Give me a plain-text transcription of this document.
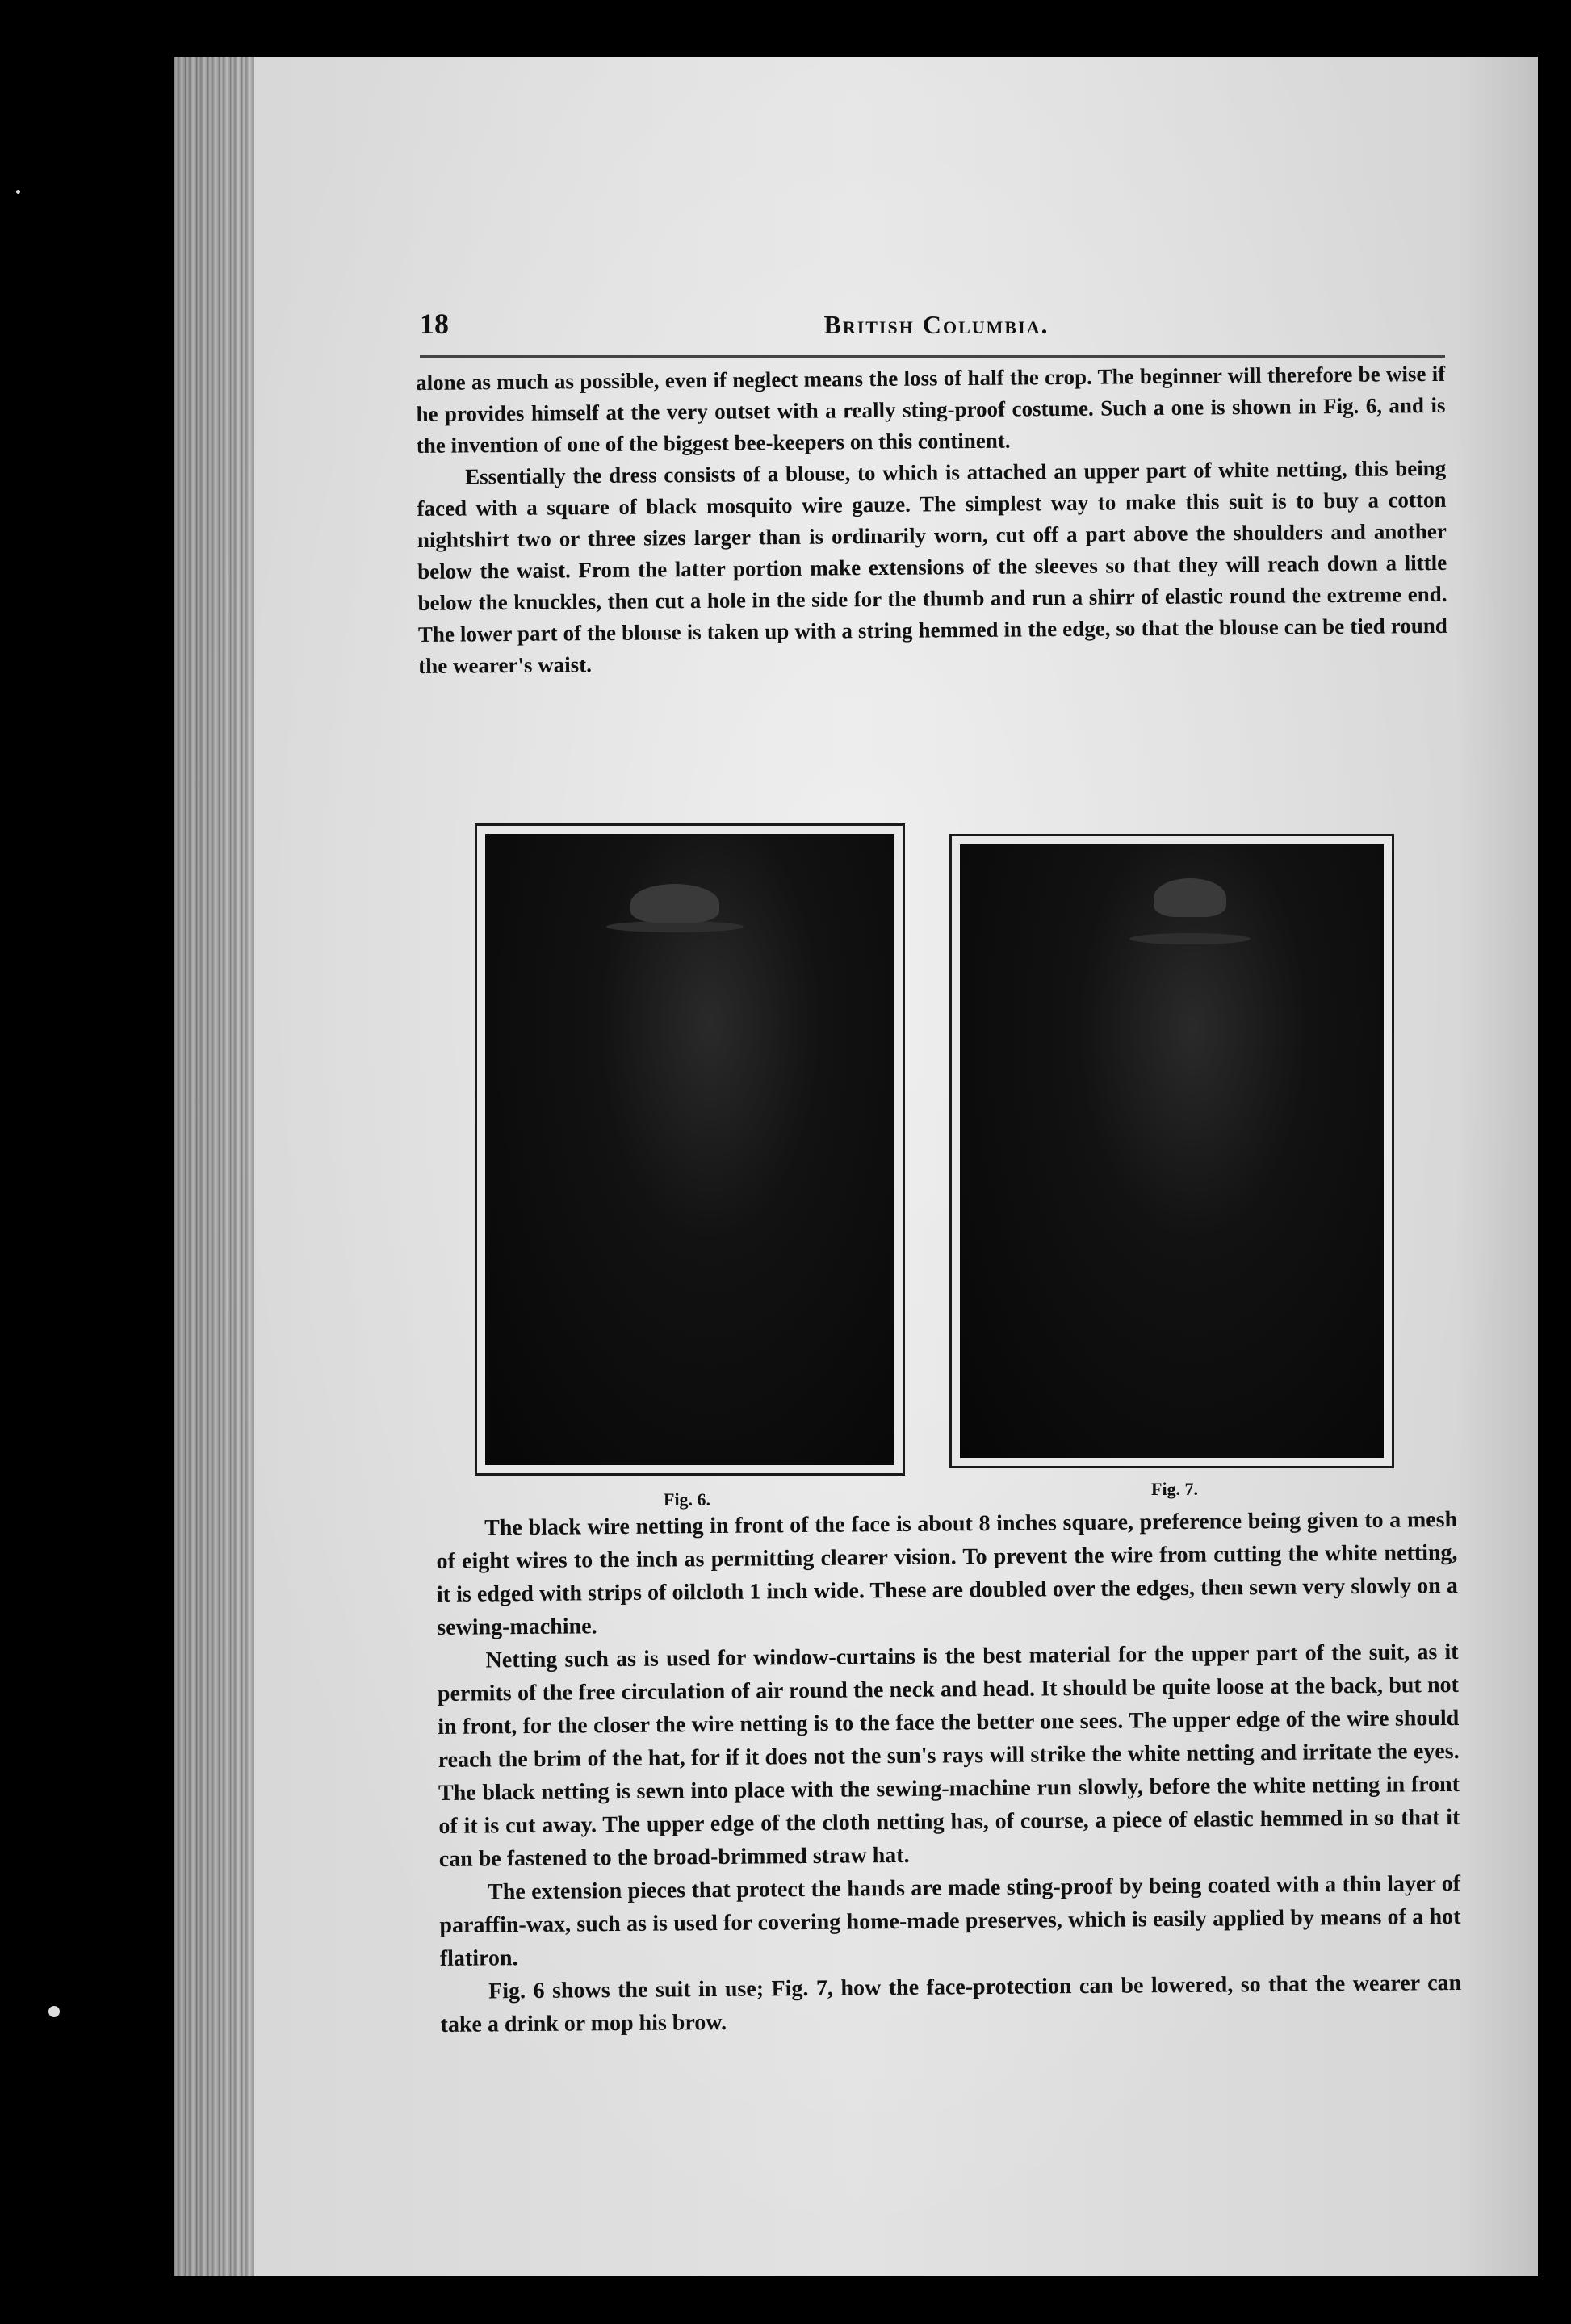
18	British Columbia.

alone as much as possible, even if neglect means the loss of half the crop. The beginner will therefore be wise if he provides himself at the very outset with a really sting-proof costume. Such a one is shown in Fig. 6, and is the invention of one of the biggest bee-keepers on this continent.

Essentially the dress consists of a blouse, to which is attached an upper part of white netting, this being faced with a square of black mosquito wire gauze. The simplest way to make this suit is to buy a cotton nightshirt two or three sizes larger than is ordinarily worn, cut off a part above the shoulders and another below the waist. From the latter portion make extensions of the sleeves so that they will reach down a little below the knuckles, then cut a hole in the side for the thumb and run a shirr of elastic round the extreme end. The lower part of the blouse is taken up with a string hemmed in the edge, so that the blouse can be tied round the wearer's waist.

Fig. 6.
Fig. 7.

The black wire netting in front of the face is about 8 inches square, preference being given to a mesh of eight wires to the inch as permitting clearer vision. To prevent the wire from cutting the white netting, it is edged with strips of oilcloth 1 inch wide. These are doubled over the edges, then sewn very slowly on a sewing-machine.

Netting such as is used for window-curtains is the best material for the upper part of the suit, as it permits of the free circulation of air round the neck and head. It should be quite loose at the back, but not in front, for the closer the wire netting is to the face the better one sees. The upper edge of the wire should reach the brim of the hat, for if it does not the sun's rays will strike the white netting and irritate the eyes. The black netting is sewn into place with the sewing-machine run slowly, before the white netting in front of it is cut away. The upper edge of the cloth netting has, of course, a piece of elastic hemmed in so that it can be fastened to the broad-brimmed straw hat.

The extension pieces that protect the hands are made sting-proof by being coated with a thin layer of paraffin-wax, such as is used for covering home-made preserves, which is easily applied by means of a hot flatiron.

Fig. 6 shows the suit in use; Fig. 7, how the face-protection can be lowered, so that the wearer can take a drink or mop his brow.
